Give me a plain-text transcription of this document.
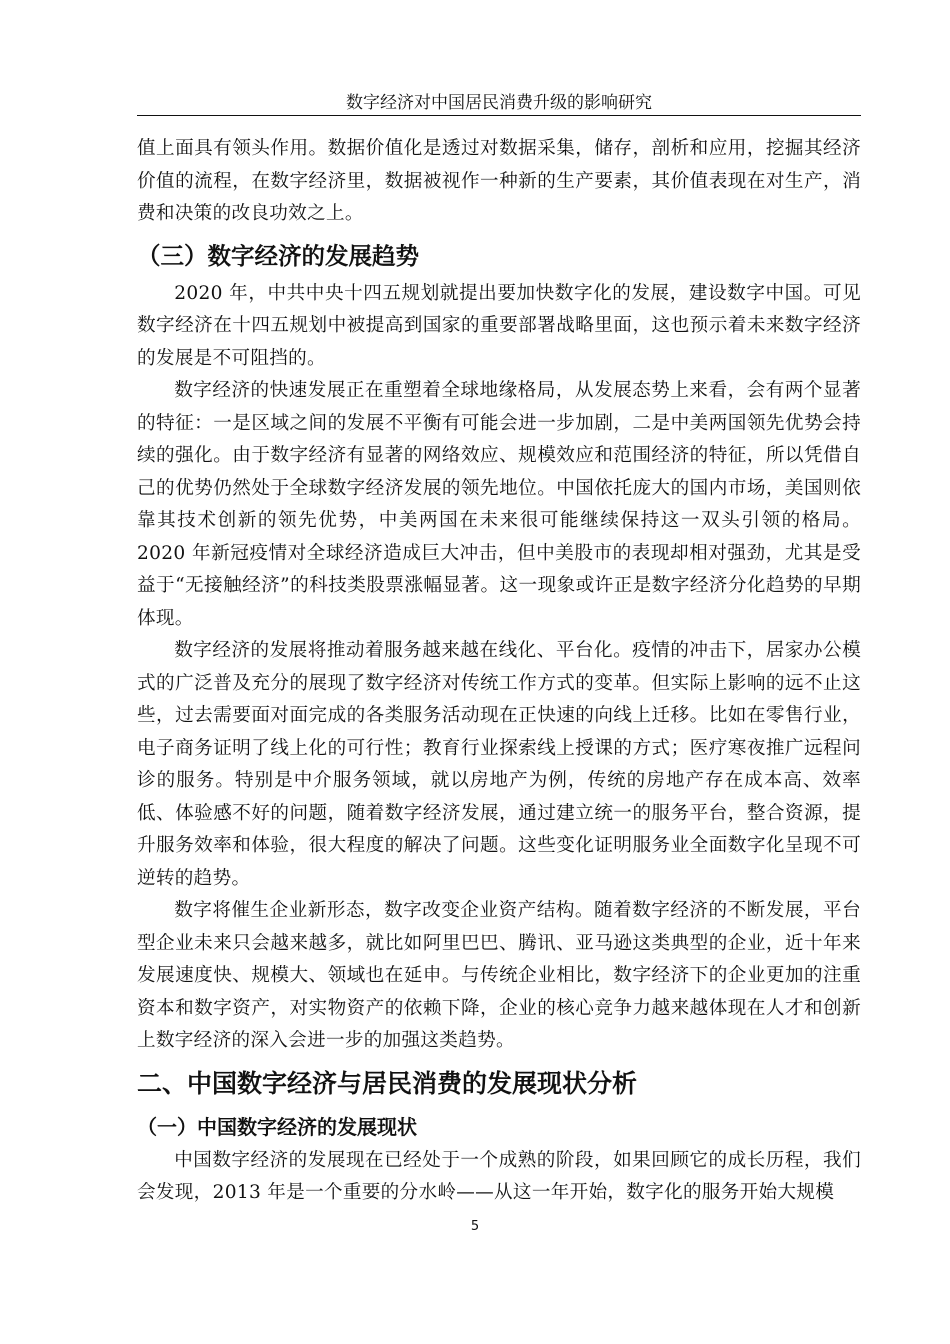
数字经济对中国居民消费升级的影响研究

值上面具有领头作用。数据价值化是透过对数据采集，储存，剖析和应用，挖掘其经济价值的流程，在数字经济里，数据被视作一种新的生产要素，其价值表现在对生产，消费和决策的改良功效之上。

（三）数字经济的发展趋势

2020 年，中共中央十四五规划就提出要加快数字化的发展，建设数字中国。可见数字经济在十四五规划中被提高到国家的重要部署战略里面，这也预示着未来数字经济的发展是不可阻挡的。

数字经济的快速发展正在重塑着全球地缘格局，从发展态势上来看，会有两个显著的特征：一是区域之间的发展不平衡有可能会进一步加剧，二是中美两国领先优势会持续的强化。由于数字经济有显著的网络效应、规模效应和范围经济的特征，所以凭借自己的优势仍然处于全球数字经济发展的领先地位。中国依托庞大的国内市场，美国则依靠其技术创新的领先优势，中美两国在未来很可能继续保持这一双头引领的格局。2020 年新冠疫情对全球经济造成巨大冲击，但中美股市的表现却相对强劲，尤其是受益于“无接触经济”的科技类股票涨幅显著。这一现象或许正是数字经济分化趋势的早期体现。

数字经济的发展将推动着服务越来越在线化、平台化。疫情的冲击下，居家办公模式的广泛普及充分的展现了数字经济对传统工作方式的变革。但实际上影响的远不止这些，过去需要面对面完成的各类服务活动现在正快速的向线上迁移。比如在零售行业，电子商务证明了线上化的可行性；教育行业探索线上授课的方式；医疗寒夜推广远程问诊的服务。特别是中介服务领域，就以房地产为例，传统的房地产存在成本高、效率低、体验感不好的问题，随着数字经济发展，通过建立统一的服务平台，整合资源，提升服务效率和体验，很大程度的解决了问题。这些变化证明服务业全面数字化呈现不可逆转的趋势。

数字将催生企业新形态，数字改变企业资产结构。随着数字经济的不断发展，平台型企业未来只会越来越多，就比如阿里巴巴、腾讯、亚马逊这类典型的企业，近十年来发展速度快、规模大、领域也在延申。与传统企业相比，数字经济下的企业更加的注重资本和数字资产，对实物资产的依赖下降，企业的核心竞争力越来越体现在人才和创新上数字经济的深入会进一步的加强这类趋势。

二、中国数字经济与居民消费的发展现状分析
（一）中国数字经济的发展现状

中国数字经济的发展现在已经处于一个成熟的阶段，如果回顾它的成长历程，我们会发现，2013 年是一个重要的分水岭——从这一年开始，数字化的服务开始大规模

5
